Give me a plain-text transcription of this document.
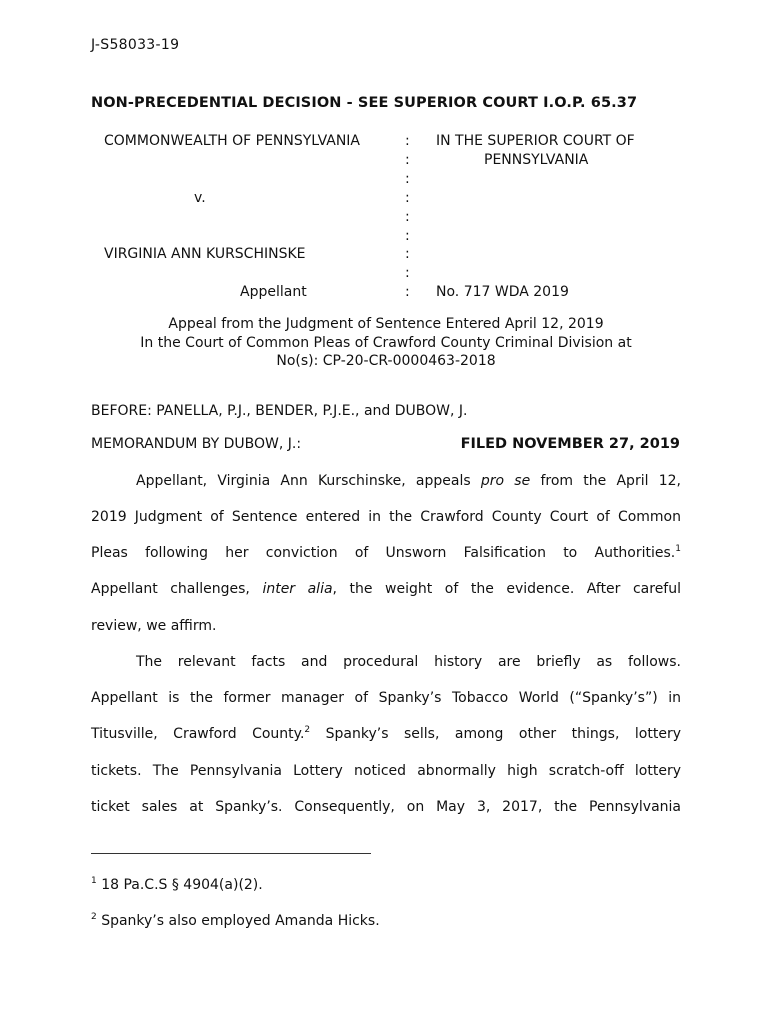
J-S58033-19
NON-PRECEDENTIAL DECISION - SEE SUPERIOR COURT I.O.P. 65.37
COMMONWEALTH OF PENNSYLVANIA
v.
VIRGINIA ANN KURSCHINSKE
Appellant
IN THE SUPERIOR COURT OF
PENNSYLVANIA
No. 717 WDA 2019
:
:
:
:
:
:
:
:
:
Appeal from the Judgment of Sentence Entered April 12, 2019
In the Court of Common Pleas of Crawford County Criminal Division at
No(s): CP-20-CR-0000463-2018
BEFORE: PANELLA, P.J., BENDER, P.J.E., and DUBOW, J.
MEMORANDUM BY DUBOW, J.:	FILED NOVEMBER 27, 2019
Appellant, Virginia Ann Kurschinske, appeals pro se from the April 12,
2019 Judgment of Sentence entered in the Crawford County Court of Common
Pleas following her conviction of Unsworn Falsification to Authorities.$^1$
Appellant challenges, inter alia, the weight of the evidence. After careful
review, we affirm.
The relevant facts and procedural history are briefly as follows.
Appellant is the former manager of Spanky’s Tobacco World (“Spanky’s”) in
Titusville, Crawford County.$^2$ Spanky’s sells, among other things, lottery
tickets. The Pennsylvania Lottery noticed abnormally high scratch-off lottery
ticket sales at Spanky’s. Consequently, on May 3, 2017, the Pennsylvania
$^1$ 18 Pa.C.S § 4904(a)(2).
$^2$ Spanky’s also employed Amanda Hicks.
